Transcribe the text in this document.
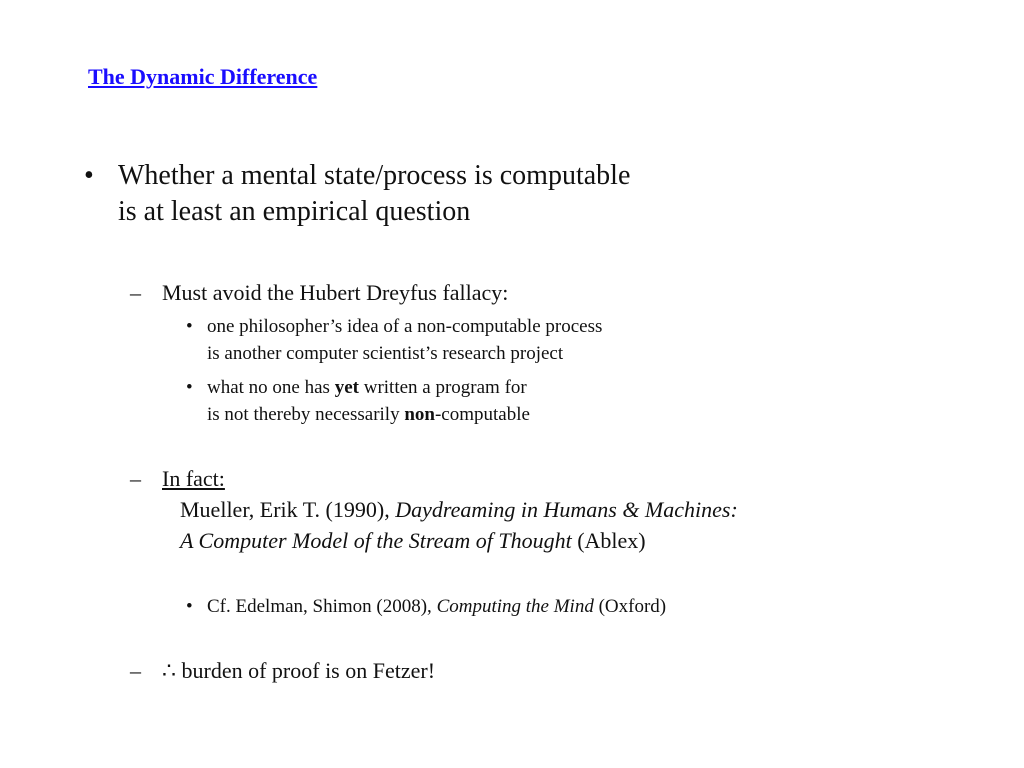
The Dynamic Difference
• Whether a mental state/process is computable
is at least an empirical question
– Must avoid the Hubert Dreyfus fallacy:
• one philosopher’s idea of a non-computable process
is another computer scientist’s research project
• what no one has yet written a program for
is not thereby necessarily non-computable
– In fact:
Mueller, Erik T. (1990), Daydreaming in Humans & Machines:
A Computer Model of the Stream of Thought (Ablex)
• Cf. Edelman, Shimon (2008), Computing the Mind (Oxford)
– ∴ burden of proof is on Fetzer!
